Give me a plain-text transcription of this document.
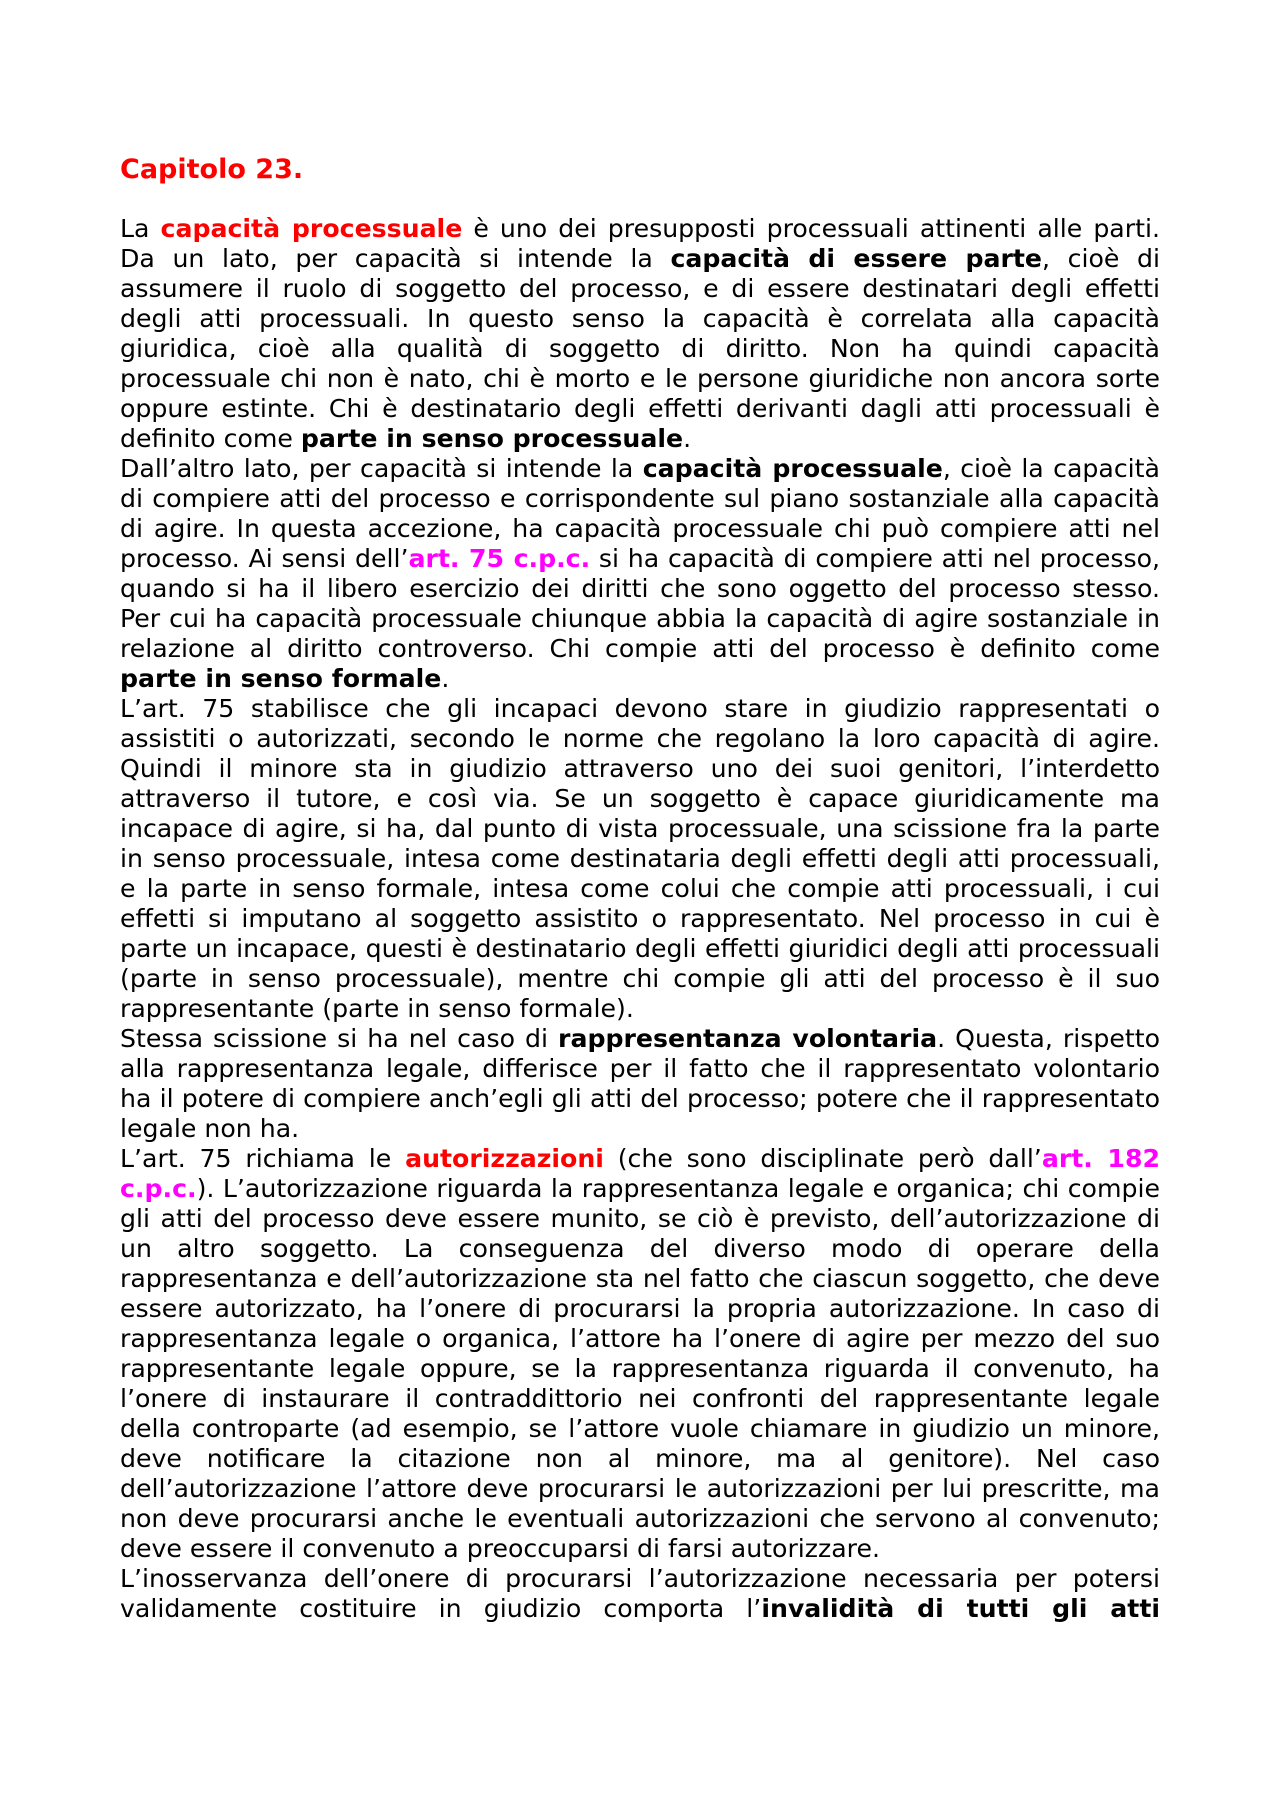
Capitolo 23.

La capacità processuale è uno dei presupposti processuali attinenti alle parti. Da un lato, per capacità si intende la capacità di essere parte, cioè di assumere il ruolo di soggetto del processo, e di essere destinatari degli effetti degli atti processuali. In questo senso la capacità è correlata alla capacità giuridica, cioè alla qualità di soggetto di diritto. Non ha quindi capacità processuale chi non è nato, chi è morto e le persone giuridiche non ancora sorte oppure estinte. Chi è destinatario degli effetti derivanti dagli atti processuali è definito come parte in senso processuale.

Dall’altro lato, per capacità si intende la capacità processuale, cioè la capacità di compiere atti del processo e corrispondente sul piano sostanziale alla capacità di agire. In questa accezione, ha capacità processuale chi può compiere atti nel processo. Ai sensi dell’art. 75 c.p.c. si ha capacità di compiere atti nel processo, quando si ha il libero esercizio dei diritti che sono oggetto del processo stesso. Per cui ha capacità processuale chiunque abbia la capacità di agire sostanziale in relazione al diritto controverso. Chi compie atti del processo è definito come parte in senso formale.

L’art. 75 stabilisce che gli incapaci devono stare in giudizio rappresentati o assistiti o autorizzati, secondo le norme che regolano la loro capacità di agire. Quindi il minore sta in giudizio attraverso uno dei suoi genitori, l’interdetto attraverso il tutore, e così via. Se un soggetto è capace giuridicamente ma incapace di agire, si ha, dal punto di vista processuale, una scissione fra la parte in senso processuale, intesa come destinataria degli effetti degli atti processuali, e la parte in senso formale, intesa come colui che compie atti processuali, i cui effetti si imputano al soggetto assistito o rappresentato. Nel processo in cui è parte un incapace, questi è destinatario degli effetti giuridici degli atti processuali (parte in senso processuale), mentre chi compie gli atti del processo è il suo rappresentante (parte in senso formale).

Stessa scissione si ha nel caso di rappresentanza volontaria. Questa, rispetto alla rappresentanza legale, differisce per il fatto che il rappresentato volontario ha il potere di compiere anch’egli gli atti del processo; potere che il rappresentato legale non ha.

L’art. 75 richiama le autorizzazioni (che sono disciplinate però dall’art. 182 c.p.c.). L’autorizzazione riguarda la rappresentanza legale e organica; chi compie gli atti del processo deve essere munito, se ciò è previsto, dell’autorizzazione di un altro soggetto. La conseguenza del diverso modo di operare della rappresentanza e dell’autorizzazione sta nel fatto che ciascun soggetto, che deve essere autorizzato, ha l’onere di procurarsi la propria autorizzazione. In caso di rappresentanza legale o organica, l’attore ha l’onere di agire per mezzo del suo rappresentante legale oppure, se la rappresentanza riguarda il convenuto, ha l’onere di instaurare il contraddittorio nei confronti del rappresentante legale della controparte (ad esempio, se l’attore vuole chiamare in giudizio un minore, deve notificare la citazione non al minore, ma al genitore). Nel caso dell’autorizzazione l’attore deve procurarsi le autorizzazioni per lui prescritte, ma non deve procurarsi anche le eventuali autorizzazioni che servono al convenuto; deve essere il convenuto a preoccuparsi di farsi autorizzare.

L’inosservanza dell’onere di procurarsi l’autorizzazione necessaria per potersi validamente costituire in giudizio comporta l’invalidità di tutti gli atti
